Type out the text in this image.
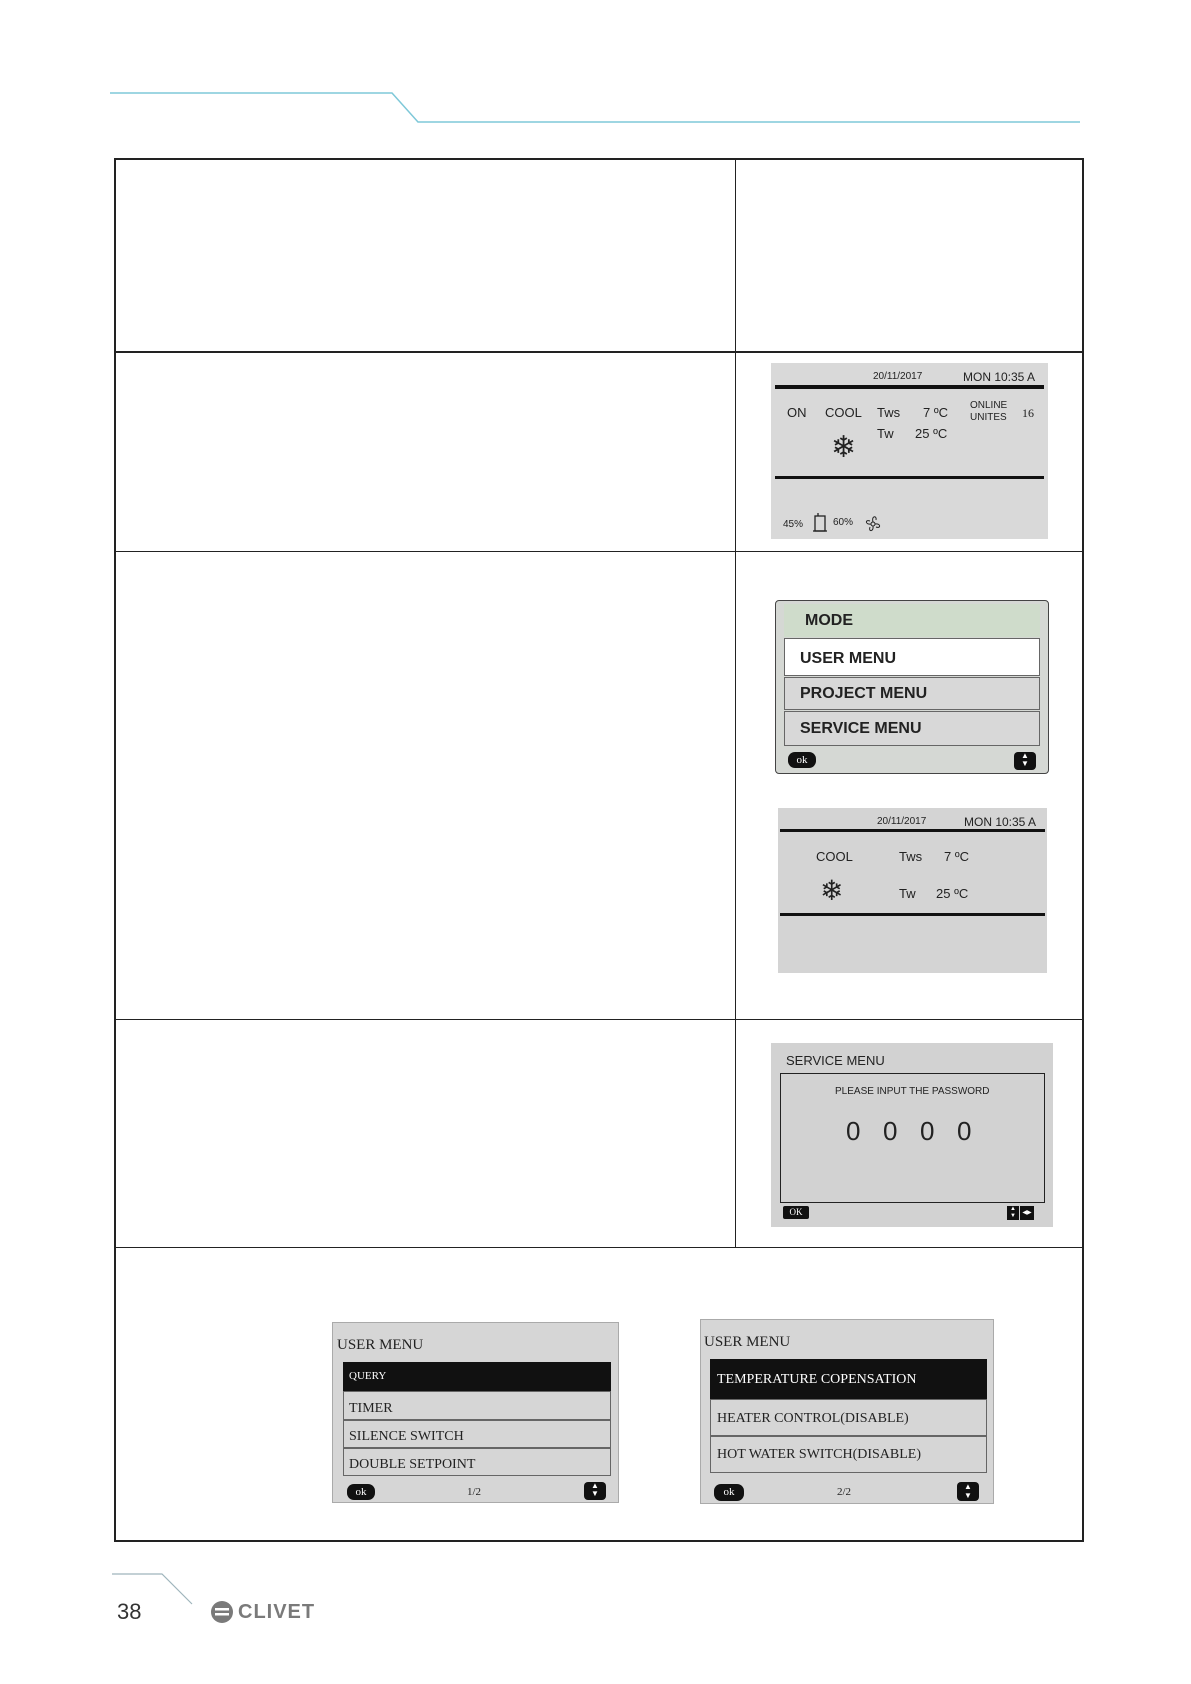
20/11/2017	MON 10:35 A
ON COOL Tws 7 ºC
Tw 25 ºC
ONLINE
UNITES 16
❄
45%	60%
MODE
USER MENU
PROJECT MENU
SERVICE MENU
ok	▲
▼
20/11/2017	MON 10:35 A
COOL	Tws 7 ºC
❄	Tw 25 ºC
SERVICE MENU
PLEASE INPUT THE PASSWORD
0 0 0 0
OK	▲
▼	◀▶
USER MENU
QUERY
TIMER
SILENCE SWITCH
DOUBLE SETPOINT
ok	1/2
▲
▼
USER MENU
TEMPERATURE COPENSATION
HEATER CONTROL(DISABLE)
HOT WATER SWITCH(DISABLE)
ok	2/2	▲
▼
38	CLIVET
